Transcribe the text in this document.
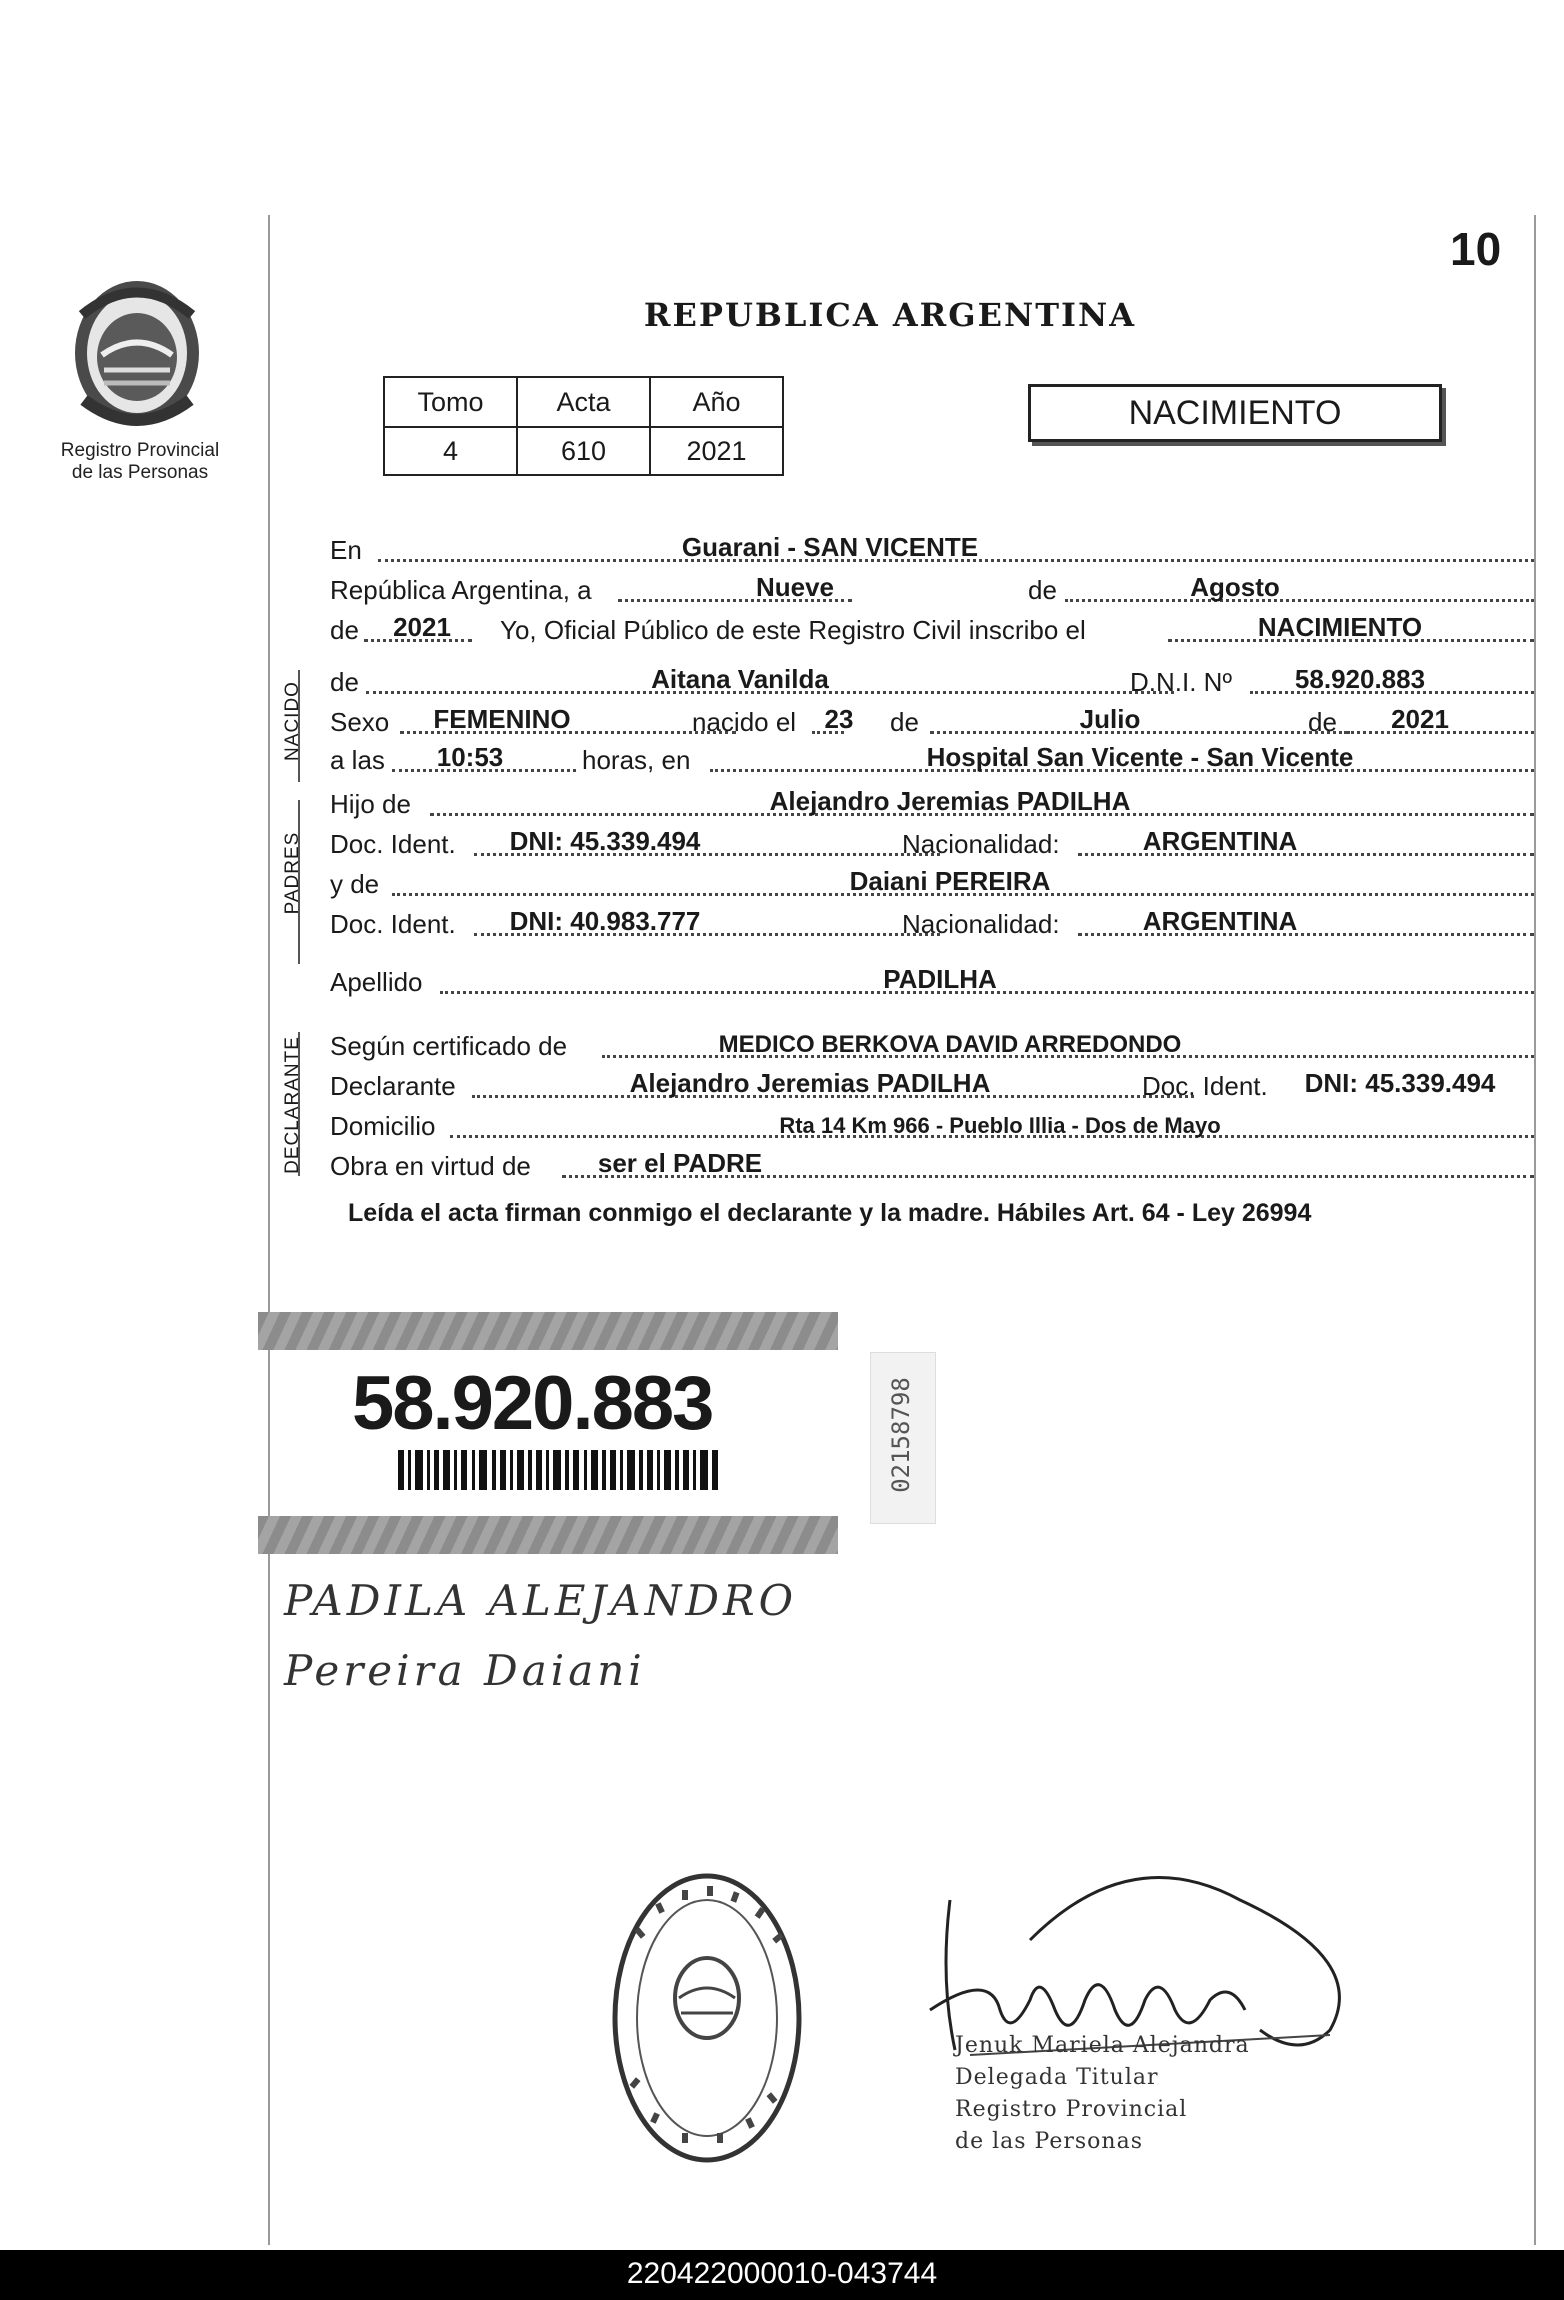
10
Registro Provincial
de las Personas
REPUBLICA ARGENTINA
Tomo	Acta	Año
4	610	2021
NACIMIENTO
En	Guarani - SAN VICENTE
República Argentina, a	Nueve	de	Agosto
de	2021	Yo, Oficial Público de este Registro Civil inscribo el	NACIMIENTO
NACIDO de	Aitana Vanilda	D.N.I. Nº	58.920.883
Sexo	FEMENINO	nacido el	23	de	Julio	de	2021
a las	10:53	horas, en	Hospital San Vicente - San Vicente
PADRES
Hijo de	Alejandro Jeremias PADILHA
Doc. Ident.	DNI: 45.339.494	Nacionalidad:	ARGENTINA
y de	Daiani PEREIRA
Doc. Ident.	DNI: 40.983.777	Nacionalidad:	ARGENTINA
Apellido	PADILHA
DECLARANTE Según certificado de	MEDICO BERKOVA DAVID ARREDONDO
Declarante	Alejandro Jeremias PADILHA	Doc. Ident.	DNI: 45.339.494
Domicilio	Rta 14 Km 966 - Pueblo Illia - Dos de Mayo
Obra en virtud de	ser el PADRE
Leída el acta firman conmigo el declarante y la madre. Hábiles Art. 64 - Ley 26994
58.920.883	02158798
PADILA ALEJANDRO
Pereira Daiani
Jenuk Mariela Alejandra
Delegada Titular
Registro Provincial
de las Personas
220422000010-043744
